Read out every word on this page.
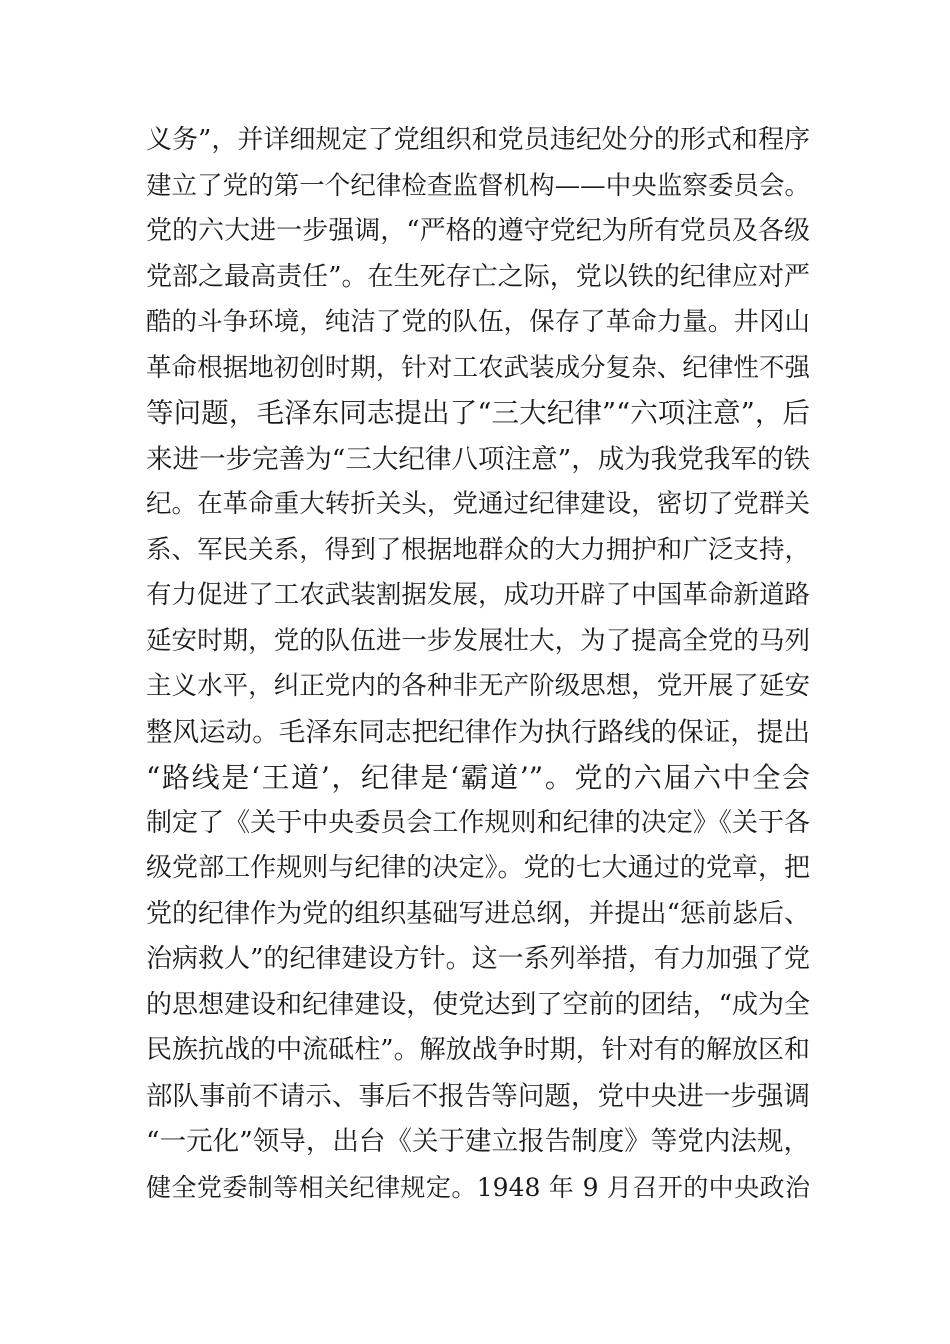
义务”，并详细规定了党组织和党员违纪处分的形式和程序
建立了党的第一个纪律检查监督机构——中央监察委员会。
党的六大进一步强调，“严格的遵守党纪为所有党员及各级
党部之最高责任”。在生死存亡之际，党以铁的纪律应对严
酷的斗争环境，纯洁了党的队伍，保存了革命力量。井冈山
革命根据地初创时期，针对工农武装成分复杂、纪律性不强
等问题，毛泽东同志提出了“三大纪律”“六项注意”，后
来进一步完善为“三大纪律八项注意”，成为我党我军的铁
纪。在革命重大转折关头，党通过纪律建设，密切了党群关
系、军民关系，得到了根据地群众的大力拥护和广泛支持，
有力促进了工农武装割据发展，成功开辟了中国革命新道路
延安时期，党的队伍进一步发展壮大，为了提高全党的马列
主义水平，纠正党内的各种非无产阶级思想，党开展了延安
整风运动。毛泽东同志把纪律作为执行路线的保证，提出
“路线是‘王道’，纪律是‘霸道’”。党的六届六中全会
制定了《关于中央委员会工作规则和纪律的决定》《关于各
级党部工作规则与纪律的决定》。党的七大通过的党章，把
党的纪律作为党的组织基础写进总纲，并提出“惩前毖后、
治病救人”的纪律建设方针。这一系列举措，有力加强了党
的思想建设和纪律建设，使党达到了空前的团结，“成为全
民族抗战的中流砥柱”。解放战争时期，针对有的解放区和
部队事前不请示、事后不报告等问题，党中央进一步强调
“一元化”领导，出台《关于建立报告制度》等党内法规，
健全党委制等相关纪律规定。1948 年 9 月召开的中央政治
